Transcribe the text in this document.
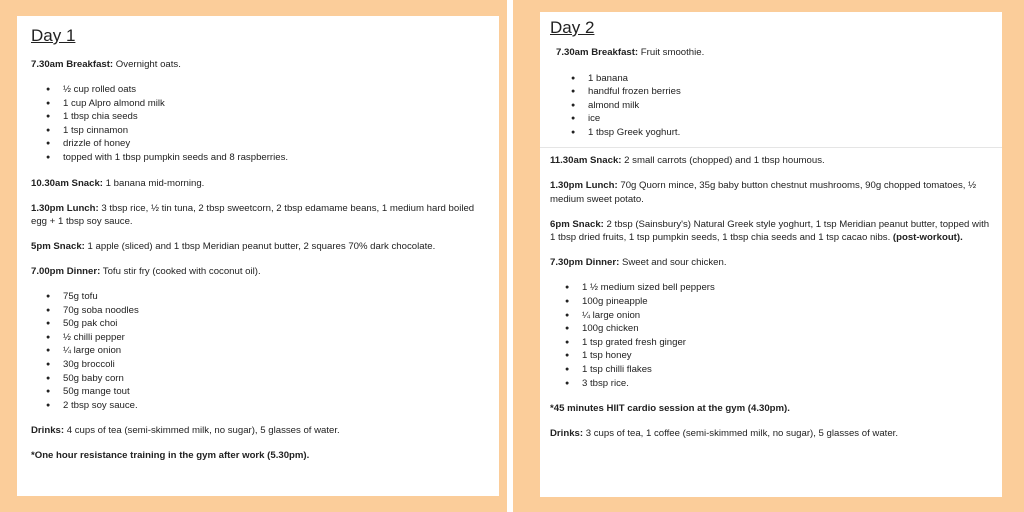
Day 1

7.30am Breakfast: Overnight oats.

● ½ cup rolled oats
● 1 cup Alpro almond milk
● 1 tbsp chia seeds
● 1 tsp cinnamon
● drizzle of honey
● topped with 1 tbsp pumpkin seeds and 8 raspberries.

10.30am Snack: 1 banana mid-morning.

1.30pm Lunch: 3 tbsp rice, ½ tin tuna, 2 tbsp sweetcorn, 2 tbsp edamame beans, 1 medium hard boiled egg + 1 tbsp soy sauce.

5pm Snack: 1 apple (sliced) and 1 tbsp Meridian peanut butter, 2 squares 70% dark chocolate.

7.00pm Dinner: Tofu stir fry (cooked with coconut oil).

● 75g tofu
● 70g soba noodles
● 50g pak choi
● ½ chilli pepper
● ¼ large onion
● 30g broccoli
● 50g baby corn
● 50g mange tout
● 2 tbsp soy sauce.

Drinks: 4 cups of tea (semi-skimmed milk, no sugar), 5 glasses of water.

*One hour resistance training in the gym after work (5.30pm).

Day 2

7.30am Breakfast: Fruit smoothie.

● 1 banana
● handful frozen berries
● almond milk
● ice
● 1 tbsp Greek yoghurt.

11.30am Snack: 2 small carrots (chopped) and 1 tbsp houmous.

1.30pm Lunch: 70g Quorn mince, 35g baby button chestnut mushrooms, 90g chopped tomatoes, ½ medium sweet potato.

6pm Snack: 2 tbsp (Sainsbury's) Natural Greek style yoghurt, 1 tsp Meridian peanut butter, topped with 1 tbsp dried fruits, 1 tsp pumpkin seeds, 1 tbsp chia seeds and 1 tsp cacao nibs. (post-workout).

7.30pm Dinner: Sweet and sour chicken.

● 1 ½ medium sized bell peppers
● 100g pineapple
● ¼ large onion
● 100g chicken
● 1 tsp grated fresh ginger
● 1 tsp honey
● 1 tsp chilli flakes
● 3 tbsp rice.

*45 minutes HIIT cardio session at the gym (4.30pm).

Drinks: 3 cups of tea, 1 coffee (semi-skimmed milk, no sugar), 5 glasses of water.
